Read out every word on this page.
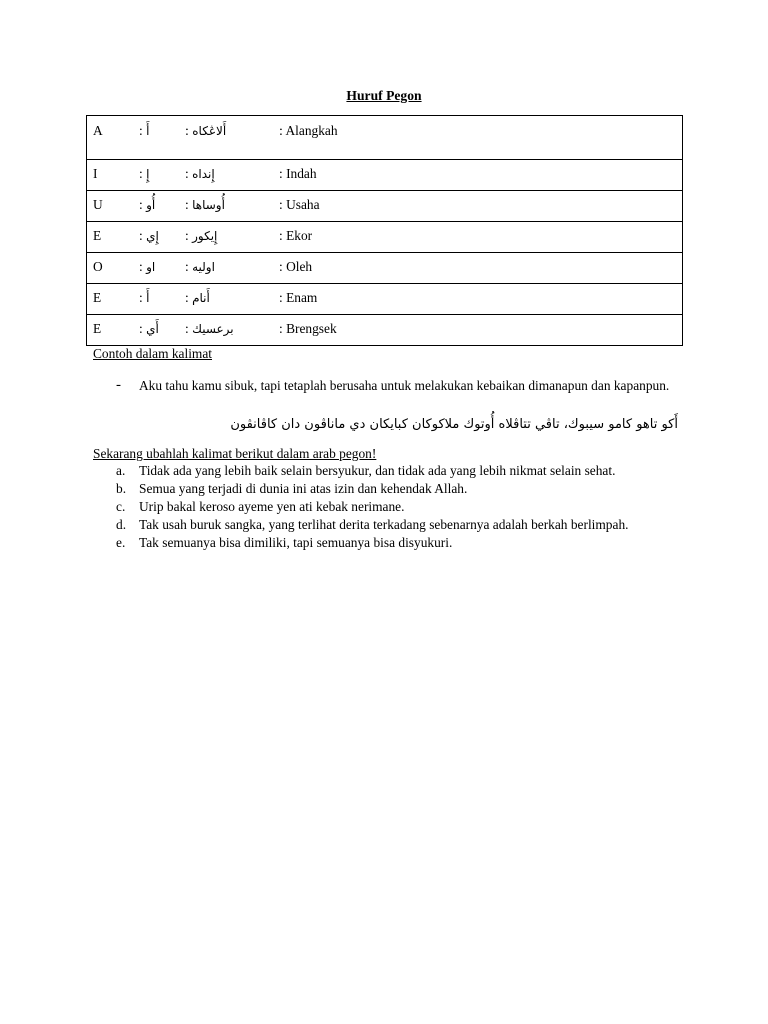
Huruf Pegon
A	: أَ	: أَلاڠكاه	: Alangkah

I	: إِ	: إِنداه	: Indah

U	: أُو : أُوساها	: Usaha

E	: إِي : إِيكور	: Ekor

O	: او : اوليه	: Oleh

E	: أَ	: أَنام	: Enam

E	: أَي : برعسيك	: Brengsek
Contoh dalam kalimat
- Aku tahu kamu sibuk, tapi tetaplah berusaha untuk melakukan kebaikan dimanapun dan kapanpun.
أَكو تاهو كامو سيبوك، تاڤي تتاڤلاه أُوتوك ملاكوكان كبايكان دي ماناڤون دان كاڤانڤون
Sekarang ubahlah kalimat berikut dalam arab pegon!
a. Tidak ada yang lebih baik selain bersyukur, dan tidak ada yang lebih nikmat selain sehat.
b. Semua yang terjadi di dunia ini atas izin dan kehendak Allah.
c. Urip bakal keroso ayeme yen ati kebak nerimane.
d. Tak usah buruk sangka, yang terlihat derita terkadang sebenarnya adalah berkah berlimpah.
e. Tak semuanya bisa dimiliki, tapi semuanya bisa disyukuri.
